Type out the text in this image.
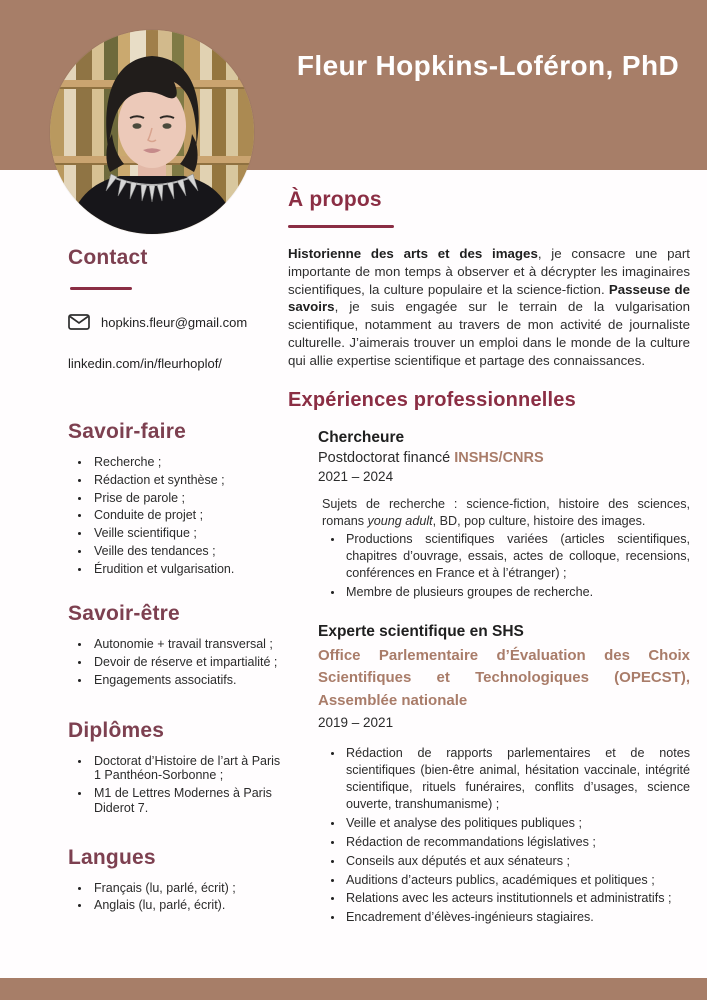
Fleur Hopkins-Loféron, PhD
Contact
hopkins.fleur@gmail.com
linkedin.com/in/fleurhoplof/
Savoir-faire
• Recherche ;
• Rédaction et synthèse ;
• Prise de parole ;
• Conduite de projet ;
• Veille scientifique ;
• Veille des tendances ;
• Érudition et vulgarisation.
Savoir-être
• Autonomie + travail transversal ;
• Devoir de réserve et impartialité ;
• Engagements associatifs.
Diplômes
• Doctorat d’Histoire de l’art à Paris 1 Panthéon-Sorbonne ;
• M1 de Lettres Modernes à Paris Diderot 7.
Langues
• Français (lu, parlé, écrit) ;
• Anglais (lu, parlé, écrit).
À propos

Historienne des arts et des images, je consacre une part importante de mon temps à observer et à décrypter les imaginaires scientifiques, la culture populaire et la science-fiction. Passeuse de savoirs, je suis engagée sur le terrain de la vulgarisation scientifique, notamment au travers de mon activité de journaliste culturelle. J’aimerais trouver un emploi dans le monde de la culture qui allie expertise scientifique et partage des connaissances.

Expériences professionnelles
Chercheure
Postdoctorat financé INSHS/CNRS
2021 – 2024

Sujets de recherche : science-fiction, histoire des sciences, romans young adult, BD, pop culture, histoire des images.

• Productions scientifiques variées (articles scientifiques, chapitres d’ouvrage, essais, actes de colloque, recensions, conférences en France et à l’étranger) ;
• Membre de plusieurs groupes de recherche.
Experte scientifique en SHS
Office Parlementaire d’Évaluation des Choix Scientifiques et Technologiques (OPECST), Assemblée nationale
2019 – 2021
• Rédaction de rapports parlementaires et de notes scientifiques (bien-être animal, hésitation vaccinale, intégrité scientifique, rituels funéraires, conflits d’usages, science ouverte, transhumanisme) ;
• Veille et analyse des politiques publiques ;
• Rédaction de recommandations législatives ;
• Conseils aux députés et aux sénateurs ;
• Auditions d’acteurs publics, académiques et politiques ;
• Relations avec les acteurs institutionnels et administratifs ;
• Encadrement d’élèves-ingénieurs stagiaires.
